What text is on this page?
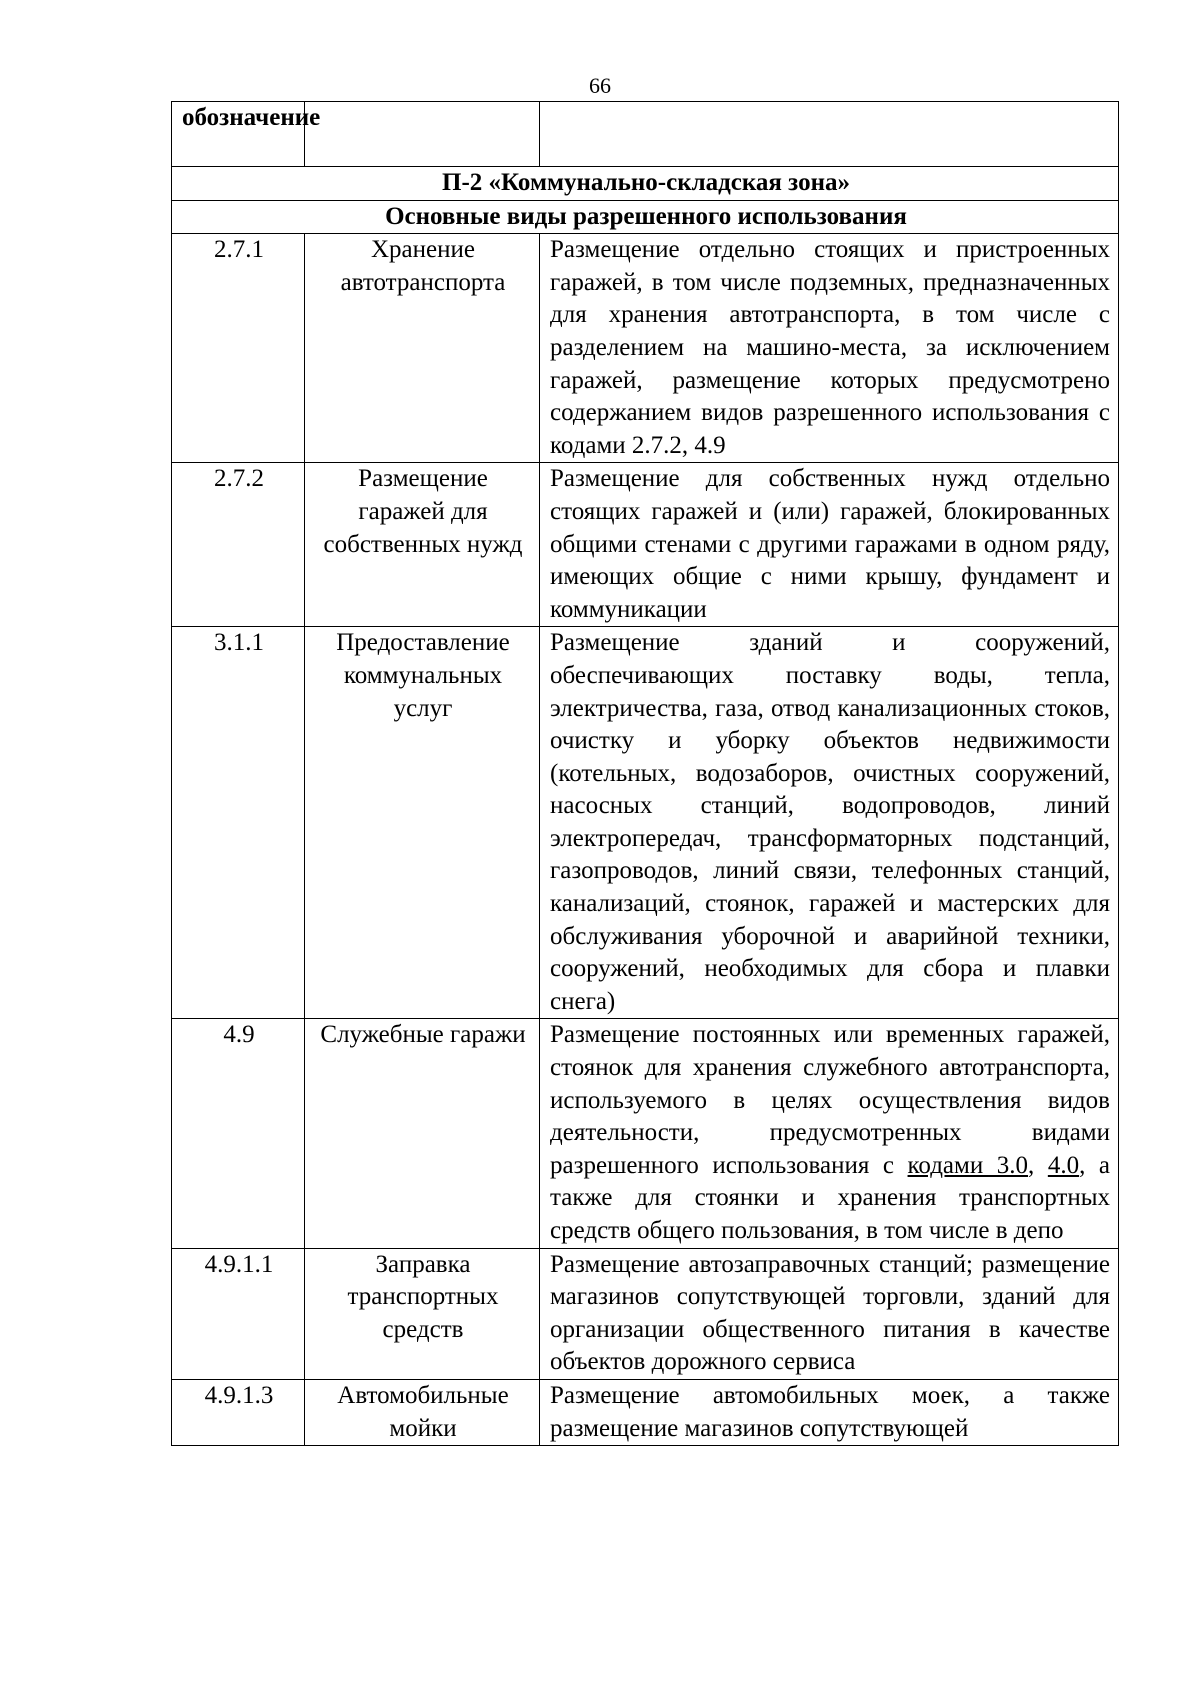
66
обозначение		
П-2 «Коммунально-складская зона»		
Основные виды разрешенного использования		
2.7.1	Хранение автотранспорта	Размещение отдельно стоящих и пристроенных гаражей, в том числе подземных, предназначенных для хранения автотранспорта, в том числе с разделением на машино-места, за исключением гаражей, размещение которых предусмотрено содержанием видов разрешенного использования с кодами 2.7.2, 4.9
2.7.2	Размещение гаражей для собственных нужд	Размещение для собственных нужд отдельно стоящих гаражей и (или) гаражей, блокированных общими стенами с другими гаражами в одном ряду, имеющих общие с ними крышу, фундамент и коммуникации
3.1.1	Предоставление коммунальных услуг	Размещение зданий и сооружений, обеспечивающих поставку воды, тепла, электричества, газа, отвод канализационных стоков, очистку и уборку объектов недвижимости (котельных, водозаборов, очистных сооружений, насосных станций, водопроводов, линий электропередач, трансформаторных подстанций, газопроводов, линий связи, телефонных станций, канализаций, стоянок, гаражей и мастерских для обслуживания уборочной и аварийной техники, сооружений, необходимых для сбора и плавки снега)
4.9	Служебные гаражи	Размещение постоянных или временных гаражей, стоянок для хранения служебного автотранспорта, используемого в целях осуществления видов деятельности, предусмотренных видами разрешенного использования с кодами 3.0, 4.0, а также для стоянки и хранения транспортных средств общего пользования, в том числе в депо
4.9.1.1	Заправка транспортных средств	Размещение автозаправочных станций; размещение магазинов сопутствующей торговли, зданий для организации общественного питания в качестве объектов дорожного сервиса
4.9.1.3	Автомобильные мойки	Размещение автомобильных моек, а также размещение магазинов сопутствующей
